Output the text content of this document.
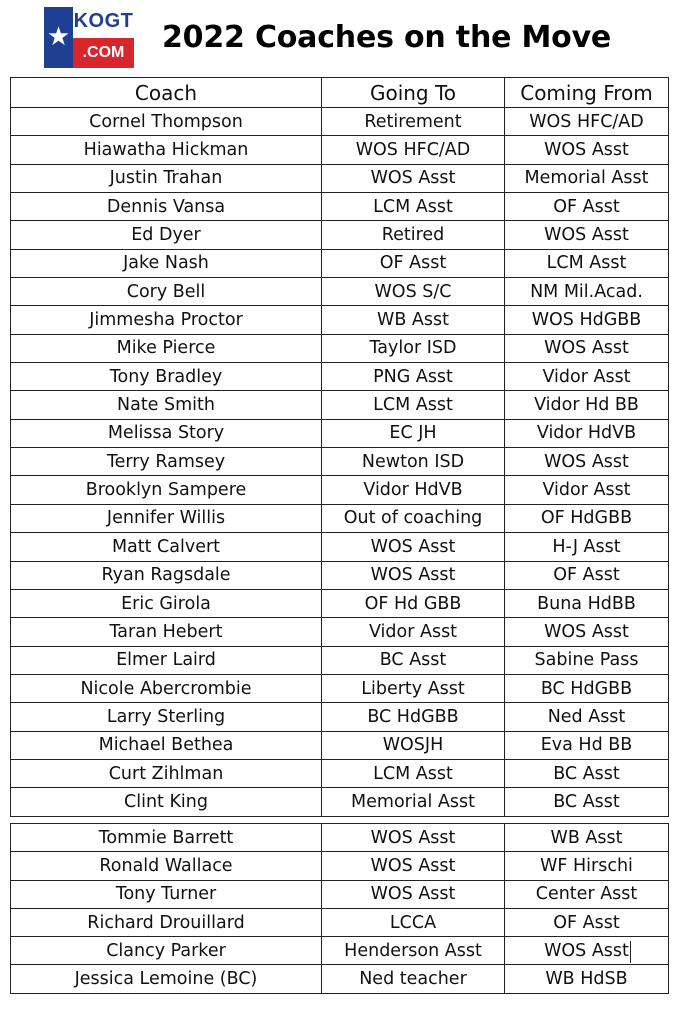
★
KOGT
.COM	2022 Coaches on the Move
Coach	Going To	Coming From
Cornel Thompson	Retirement	WOS HFC/AD
Hiawatha Hickman	WOS HFC/AD	WOS Asst
Justin Trahan	WOS Asst	Memorial Asst
Dennis Vansa	LCM Asst	OF Asst
Ed Dyer	Retired	WOS Asst
Jake Nash	OF Asst	LCM Asst
Cory Bell	WOS S/C	NM Mil.Acad.
Jimmesha Proctor	WB Asst	WOS HdGBB
Mike Pierce	Taylor ISD	WOS Asst
Tony Bradley	PNG Asst	Vidor Asst
Nate Smith	LCM Asst	Vidor Hd BB
Melissa Story	EC JH	Vidor HdVB
Terry Ramsey	Newton ISD	WOS Asst
Brooklyn Sampere	Vidor HdVB	Vidor Asst
Jennifer Willis	Out of coaching	OF HdGBB
Matt Calvert	WOS Asst	H-J Asst
Ryan Ragsdale	WOS Asst	OF Asst
Eric Girola	OF Hd GBB	Buna HdBB
Taran Hebert	Vidor Asst	WOS Asst
Elmer Laird	BC Asst	Sabine Pass
Nicole Abercrombie	Liberty Asst	BC HdGBB
Larry Sterling	BC HdGBB	Ned Asst
Michael Bethea	WOSJH	Eva Hd BB
Curt Zihlman	LCM Asst	BC Asst
Clint King	Memorial Asst	BC Asst
Tommie Barrett	WOS Asst	WB Asst
Ronald Wallace	WOS Asst	WF Hirschi
Tony Turner	WOS Asst	Center Asst
Richard Drouillard	LCCA	OF Asst
Clancy Parker	Henderson Asst	WOS Asst
Jessica Lemoine (BC)	Ned teacher	WB HdSB
